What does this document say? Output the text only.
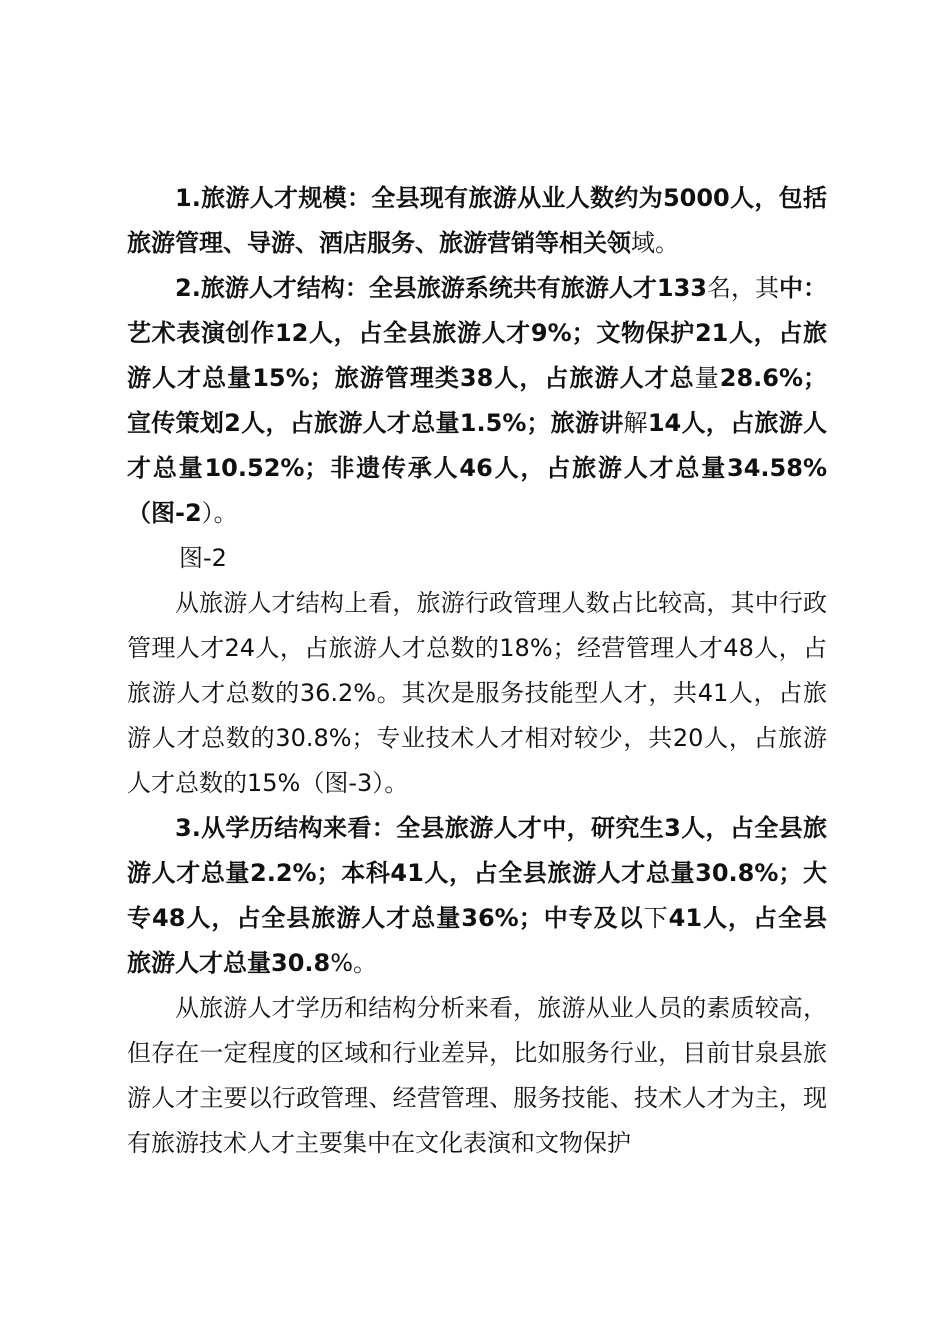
1.旅游人才规模：全县现有旅游从业人数约为5000人，包括旅游管理、导游、酒店服务、旅游营销等相关领域。

2.旅游人才结构：全县旅游系统共有旅游人才133名，其中：艺术表演创作12人，占全县旅游人才9%；文物保护21人，占旅游人才总量15%；旅游管理类38人，占旅游人才总量28.6%；宣传策划2人，占旅游人才总量1.5%；旅游讲解14人，占旅游人才总量10.52%；非遗传承人46人，占旅游人才总量34.58%（图-2）。

图-2

从旅游人才结构上看，旅游行政管理人数占比较高，其中行政管理人才24人，占旅游人才总数的18%；经营管理人才48人，占旅游人才总数的36.2%。其次是服务技能型人才，共41人，占旅游人才总数的30.8%；专业技术人才相对较少，共20人，占旅游人才总数的15%（图-3）。

3.从学历结构来看：全县旅游人才中，研究生3人，占全县旅游人才总量2.2%；本科41人，占全县旅游人才总量30.8%；大专48人，占全县旅游人才总量36%；中专及以下41人，占全县旅游人才总量30.8%。

从旅游人才学历和结构分析来看，旅游从业人员的素质较高，但存在一定程度的区域和行业差异，比如服务行业，目前甘泉县旅游人才主要以行政管理、经营管理、服务技能、技术人才为主，现有旅游技术人才主要集中在文化表演和文物保护
